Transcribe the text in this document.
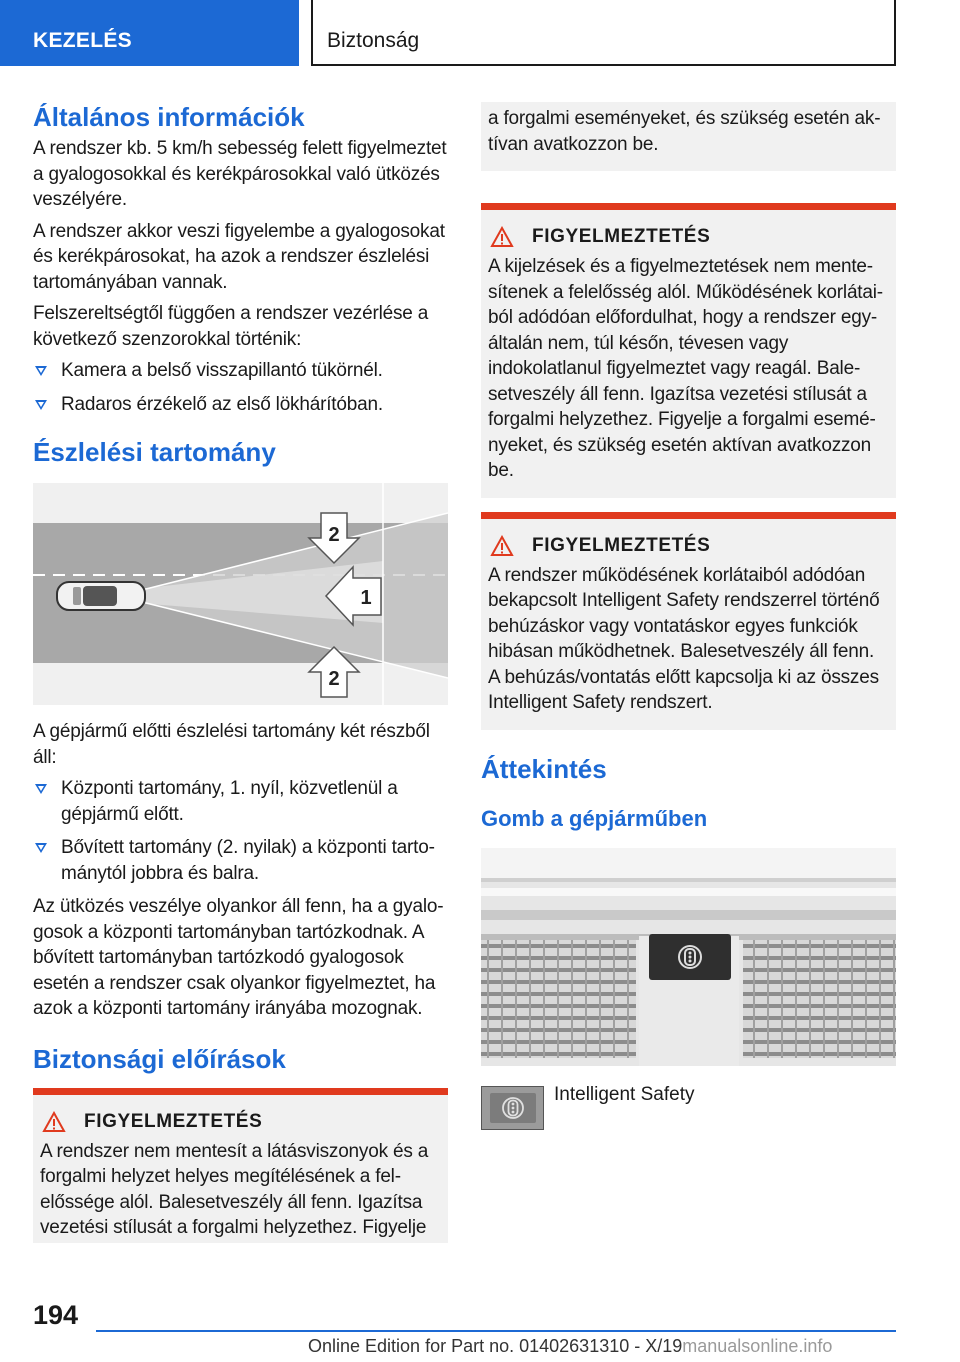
KEZELÉS	Biztonság
Általános információk

A rendszer kb. 5 km/h sebesség felett figyelmeztet a gyalogosokkal és kerékpárosokkal való ütközés veszélyére.

A rendszer akkor veszi figyelembe a gyalogosokat és kerékpárosokat, ha azok a rendszer észlelési tartományában vannak.

Felszereltségtől függően a rendszer vezérlése a következő szenzorokkal történik:

Kamera a belső visszapillantó tükörnél.
Radaros érzékelő az első lökhárítóban.
Észlelési tartomány
2
1
2

A gépjármű előtti észlelési tartomány két részből áll:

Központi tartomány, 1. nyíl, közvetlenül a gépjármű előtt.
Bővített tartomány (2. nyilak) a központi tartománytól jobbra és balra.

Az ütközés veszélye olyankor áll fenn, ha a gyalogosok a központi tartományban tartózkodnak. A bővített tartományban tartózkodó gyalogosok esetén a rendszer csak olyankor figyelmeztet, ha azok a központi tartomány irányába mozognak.

Biztonsági előírások
FIGYELMEZTETÉS

A rendszer nem mentesít a látásviszonyok és a forgalmi helyzet helyes megítélésének a felelőssége alól. Balesetveszély áll fenn. Igazítsa vezetési stílusát a forgalmi helyzethez. Figyelje

a forgalmi eseményeket, és szükség esetén aktívan avatkozzon be.

FIGYELMEZTETÉS

A kijelzések és a figyelmeztetések nem mentesítenek a felelősség alól. Működésének korlátaiból adódóan előfordulhat, hogy a rendszer egyáltalán nem, túl későn, tévesen vagy indokolatlanul figyelmeztet vagy reagál. Balesetveszély áll fenn. Igazítsa vezetési stílusát a forgalmi helyzethez. Figyelje a forgalmi eseményeket, és szükség esetén aktívan avatkozzon be.

FIGYELMEZTETÉS

A rendszer működésének korlátaiból adódóan bekapcsolt Intelligent Safety rendszerrel történő behúzáskor vagy vontatáskor egyes funkciók hibásan működhetnek. Balesetveszély áll fenn. A behúzás/vontatás előtt kapcsolja ki az összes Intelligent Safety rendszert.

Áttekintés
Gomb a gépjárműben
Intelligent Safety
194
Online Edition for Part no. 01402631310 - X/19manualsonline.info
